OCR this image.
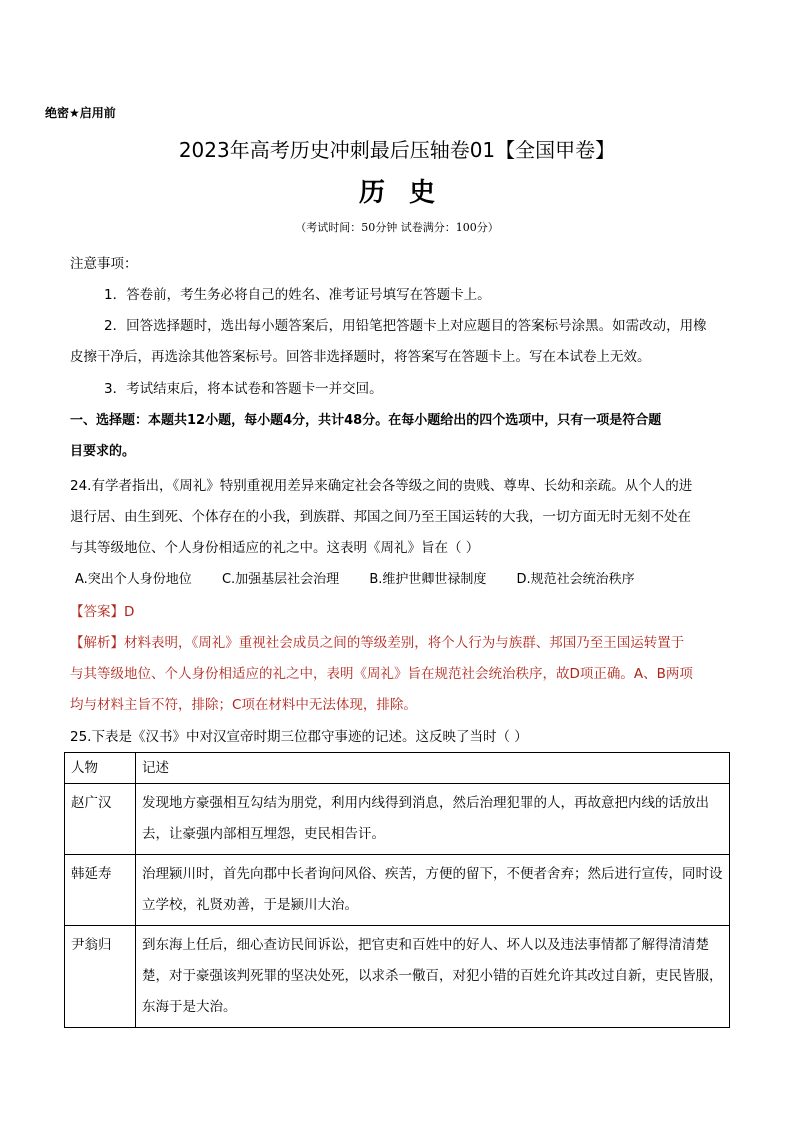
绝密★启用前
2023年高考历史冲刺最后压轴卷01【全国甲卷】
历史
（考试时间：50分钟 试卷满分：100分）
注意事项：
1．答卷前，考生务必将自己的姓名、准考证号填写在答题卡上。
2．回答选择题时，选出每小题答案后，用铅笔把答题卡上对应题目的答案标号涂黑。如需改动，用橡
皮擦干净后，再选涂其他答案标号。回答非选择题时，将答案写在答题卡上。写在本试卷上无效。
3．考试结束后，将本试卷和答题卡一并交回。
一、选择题：本题共12小题，每小题4分，共计48分。在每小题给出的四个选项中，只有一项是符合题
目要求的。
24.有学者指出，《周礼》特别重视用差异来确定社会各等级之间的贵贱、尊卑、长幼和亲疏。从个人的进
退行居、由生到死、个体存在的小我，到族群、邦国之间乃至王国运转的大我，一切方面无时无刻不处在
与其等级地位、个人身份相适应的礼之中。这表明《周礼》旨在（ ）
A.突出个人身份地位 C.加强基层社会治理 B.维护世卿世禄制度 D.规范社会统治秩序
【答案】D
【解析】材料表明，《周礼》重视社会成员之间的等级差别，将个人行为与族群、邦国乃至王国运转置于
与其等级地位、个人身份相适应的礼之中，表明《周礼》旨在规范社会统治秩序，故D项正确。A、B两项
均与材料主旨不符，排除；C项在材料中无法体现，排除。
25.下表是《汉书》中对汉宣帝时期三位郡守事迹的记述。这反映了当时（ ）
人物	记述
赵广汉	发现地方豪强相互勾结为朋党，利用内线得到消息，然后治理犯罪的人，再故意把内线的话放出去，让豪强内部相互埋怨，吏民相告讦。
韩延寿	治理颍川时，首先向郡中长者询问风俗、疾苦，方便的留下，不便者舍弃；然后进行宣传，同时设立学校，礼贤劝善，于是颍川大治。
尹翁归	到东海上任后，细心查访民间诉讼，把官吏和百姓中的好人、坏人以及违法事情都了解得清清楚楚，对于豪强该判死罪的坚决处死，以求杀一儆百，对犯小错的百姓允许其改过自新，吏民皆服，东海于是大治。
